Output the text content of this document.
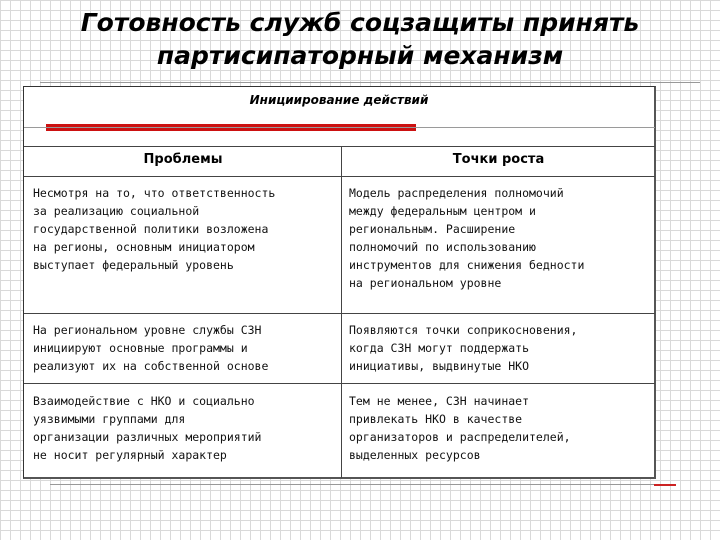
Готовность служб соцзащиты принять
партисипаторный механизм
Инициирование действий
Проблемы	Точки роста
Несмотря на то, что ответственность
за реализацию социальной
государственной политики возложена
на регионы, основным инициатором
выступает федеральный уровень
Модель распределения полномочий
между федеральным центром и
региональным. Расширение
полномочий по использованию
инструментов для снижения бедности
на региональном уровне
На региональном уровне службы СЗН
инициируют основные программы и
реализуют их на собственной основе
Появляются точки соприкосновения,
когда СЗН могут поддержать
инициативы, выдвинутые НКО
Взаимодействие с НКО и социально
уязвимыми группами для
организации различных мероприятий
не носит регулярный характер
Тем не менее, СЗН начинает
привлекать НКО в качестве
организаторов и распределителей,
выделенных ресурсов
